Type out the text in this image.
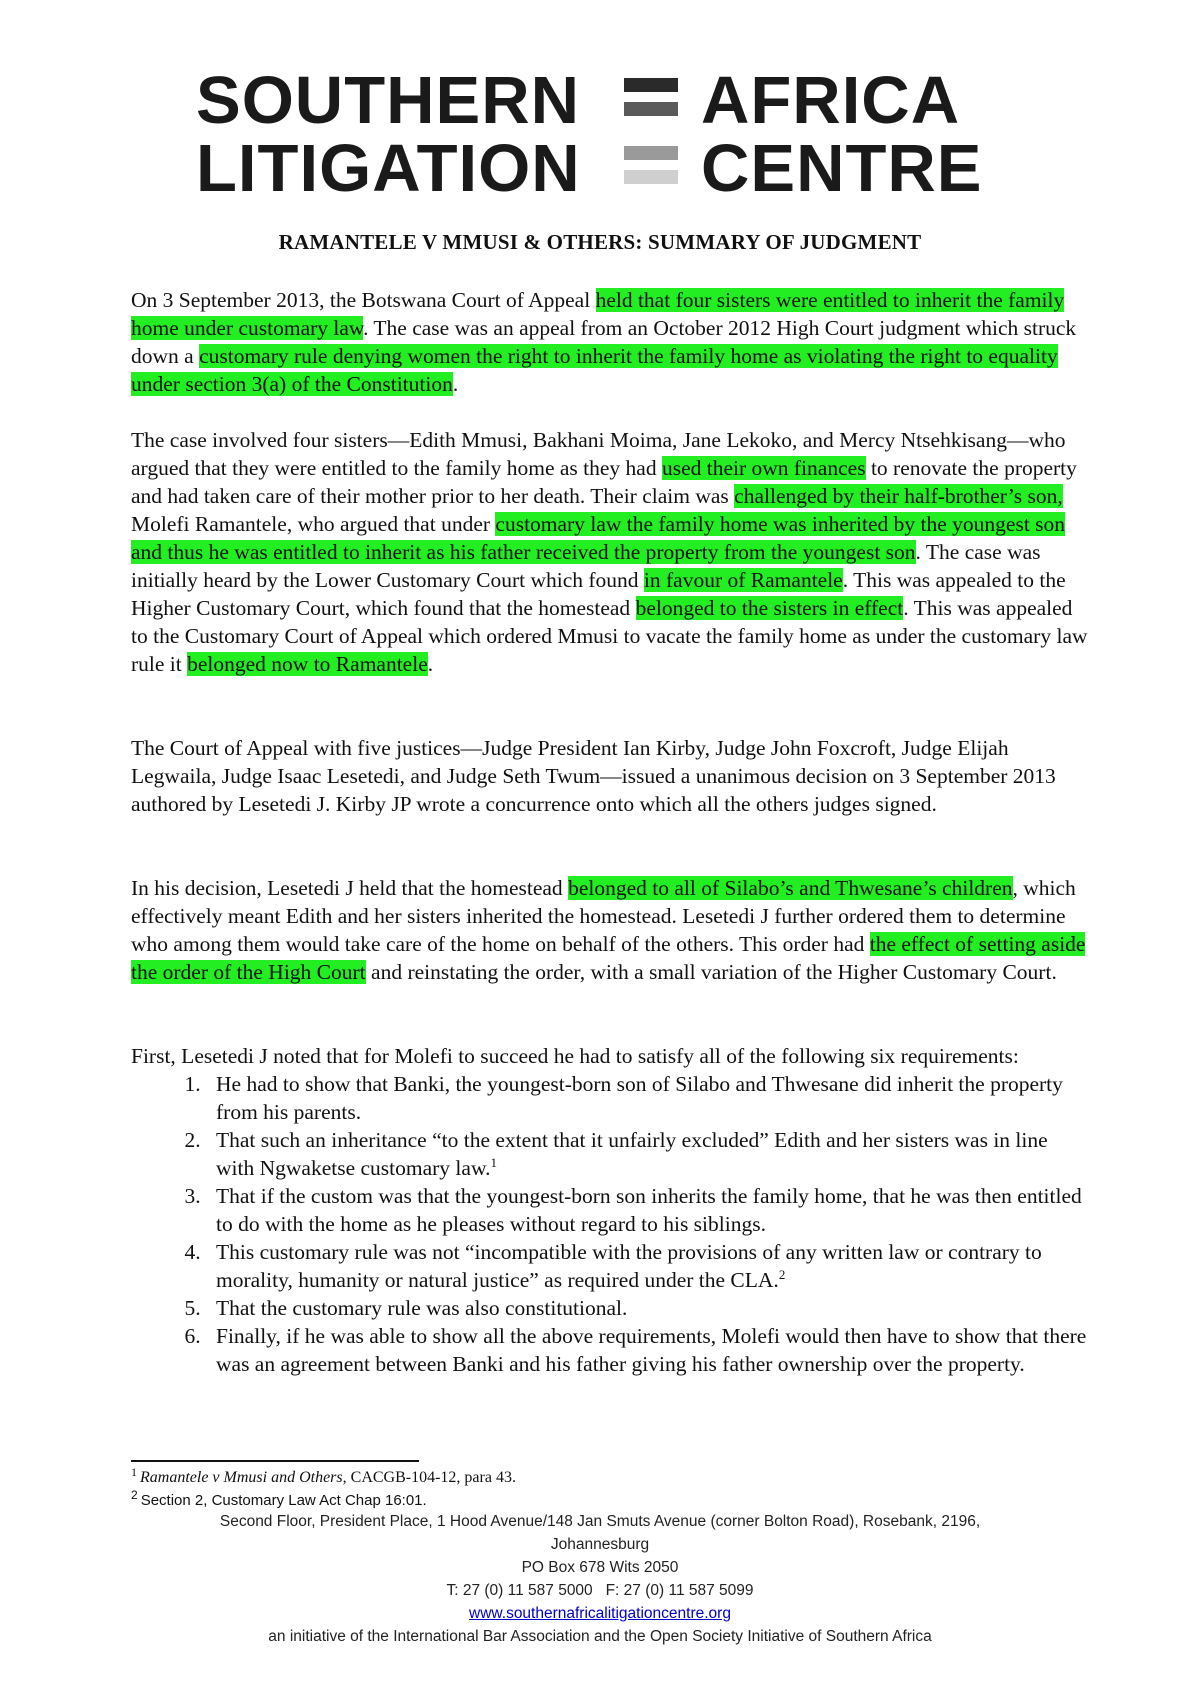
SOUTHERN AFRICA
LITIGATION CENTRE
RAMANTELE V MMUSI & OTHERS: SUMMARY OF JUDGMENT

On 3 September 2013, the Botswana Court of Appeal held that four sisters were entitled to inherit the family home under customary law. The case was an appeal from an October 2012 High Court judgment which struck down a customary rule denying women the right to inherit the family home as violating the right to equality under section 3(a) of the Constitution.

The case involved four sisters—Edith Mmusi, Bakhani Moima, Jane Lekoko, and Mercy Ntsehkisang—who argued that they were entitled to the family home as they had used their own finances to renovate the property and had taken care of their mother prior to her death. Their claim was challenged by their half-brother’s son, Molefi Ramantele, who argued that under customary law the family home was inherited by the youngest son and thus he was entitled to inherit as his father received the property from the youngest son. The case was initially heard by the Lower Customary Court which found in favour of Ramantele. This was appealed to the Higher Customary Court, which found that the homestead belonged to the sisters in effect. This was appealed to the Customary Court of Appeal which ordered Mmusi to vacate the family home as under the customary law rule it belonged now to Ramantele.

The Court of Appeal with five justices—Judge President Ian Kirby, Judge John Foxcroft, Judge Elijah Legwaila, Judge Isaac Lesetedi, and Judge Seth Twum—issued a unanimous decision on 3 September 2013 authored by Lesetedi J. Kirby JP wrote a concurrence onto which all the others judges signed.

In his decision, Lesetedi J held that the homestead belonged to all of Silabo’s and Thwesane’s children, which effectively meant Edith and her sisters inherited the homestead. Lesetedi J further ordered them to determine who among them would take care of the home on behalf of the others. This order had the effect of setting aside the order of the High Court and reinstating the order, with a small variation of the Higher Customary Court.

First, Lesetedi J noted that for Molefi to succeed he had to satisfy all of the following six requirements:

1. He had to show that Banki, the youngest-born son of Silabo and Thwesane did inherit the property from his parents.
2. That such an inheritance “to the extent that it unfairly excluded” Edith and her sisters was in line with Ngwaketse customary law.$^1$
3. That if the custom was that the youngest-born son inherits the family home, that he was then entitled to do with the home as he pleases without regard to his siblings.
4. This customary rule was not “incompatible with the provisions of any written law or contrary to morality, humanity or natural justice” as required under the CLA.$^2$
5. That the customary rule was also constitutional.
6. Finally, if he was able to show all the above requirements, Molefi would then have to show that there was an agreement between Banki and his father giving his father ownership over the property.
$^1$ Ramantele v Mmusi and Others, CACGB-104-12, para 43.
$^2$ Section 2, Customary Law Act Chap 16:01.
Second Floor, President Place, 1 Hood Avenue/148 Jan Smuts Avenue (corner Bolton Road), Rosebank, 2196,
Johannesburg
PO Box 678 Wits 2050
T: 27 (0) 11 587 5000   F: 27 (0) 11 587 5099
www.southernafricalitigationcentre.org
an initiative of the International Bar Association and the Open Society Initiative of Southern Africa
